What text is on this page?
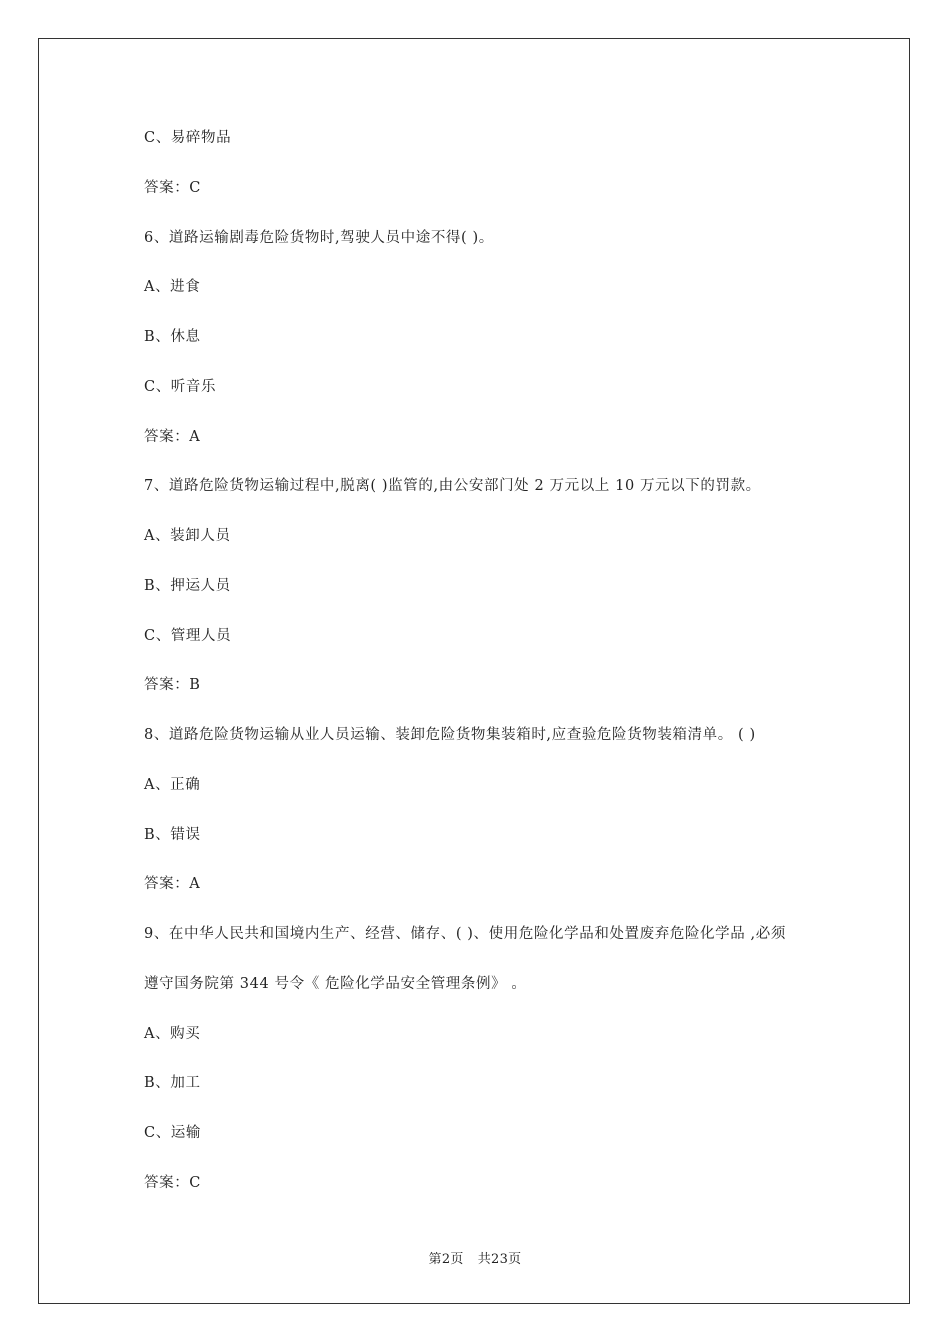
C、易碎物品
答案：C
6、道路运输剧毒危险货物时,驾驶人员中途不得( )。
A、进食
B、休息
C、听音乐
答案：A
7、道路危险货物运输过程中,脱离( )监管的,由公安部门处 2 万元以上 10 万元以下的罚款。
A、装卸人员
B、押运人员
C、管理人员
答案：B
8、道路危险货物运输从业人员运输、装卸危险货物集装箱时,应查验危险货物装箱清单。 ( )
A、正确
B、错误
答案：A
9、在中华人民共和国境内生产、经营、储存、( )、使用危险化学品和处置废弃危险化学品 ,必须
遵守国务院第 344 号令《 危险化学品安全管理条例》 。
A、购买
B、加工
C、运输
答案：C
第2页 共23页
